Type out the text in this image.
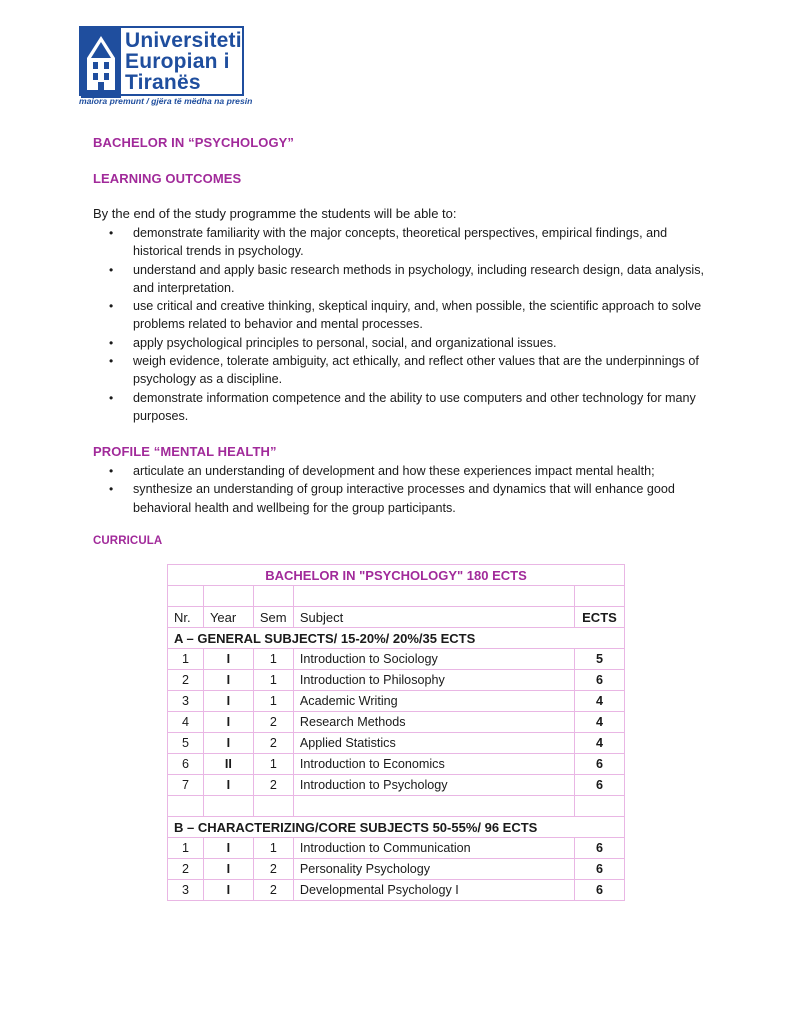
Universiteti
Europian i
Tiranës
maiora premunt / gjëra të mëdha na presin

BACHELOR IN “PSYCHOLOGY”

LEARNING OUTCOMES

By the end of the study programme the students will be able to:

• demonstrate familiarity with the major concepts, theoretical perspectives, empirical findings, and historical trends in psychology.
• understand and apply basic research methods in psychology, including research design, data analysis, and interpretation.
• use critical and creative thinking, skeptical inquiry, and, when possible, the scientific approach to solve problems related to behavior and mental processes.
• apply psychological principles to personal, social, and organizational issues.
• weigh evidence, tolerate ambiguity, act ethically, and reflect other values that are the underpinnings of psychology as a discipline.
• demonstrate information competence and the ability to use computers and other technology for many purposes.

PROFILE “MENTAL HEALTH”

• articulate an understanding of development and how these experiences impact mental health;
• synthesize an understanding of group interactive processes and dynamics that will enhance good behavioral health and wellbeing for the group participants.

CURRICULA

BACHELOR IN "PSYCHOLOGY" 180 ECTS				

Nr.	Year	Sem	Subject	ECTS
A – GENERAL SUBJECTS/ 15-20%/ 20%/35 ECTS				
1	I	1	Introduction to Sociology	5
2	I	1	Introduction to Philosophy	6
3	I	1	Academic Writing	4
4	I	2	Research Methods	4
5	I	2	Applied Statistics	4
6	II	1	Introduction to Economics	6
7	I	2	Introduction to Psychology	6

B – CHARACTERIZING/CORE SUBJECTS 50-55%/ 96 ECTS				
1	I	1	Introduction to Communication	6
2	I	2	Personality Psychology	6
3	I	2	Developmental Psychology I	6
